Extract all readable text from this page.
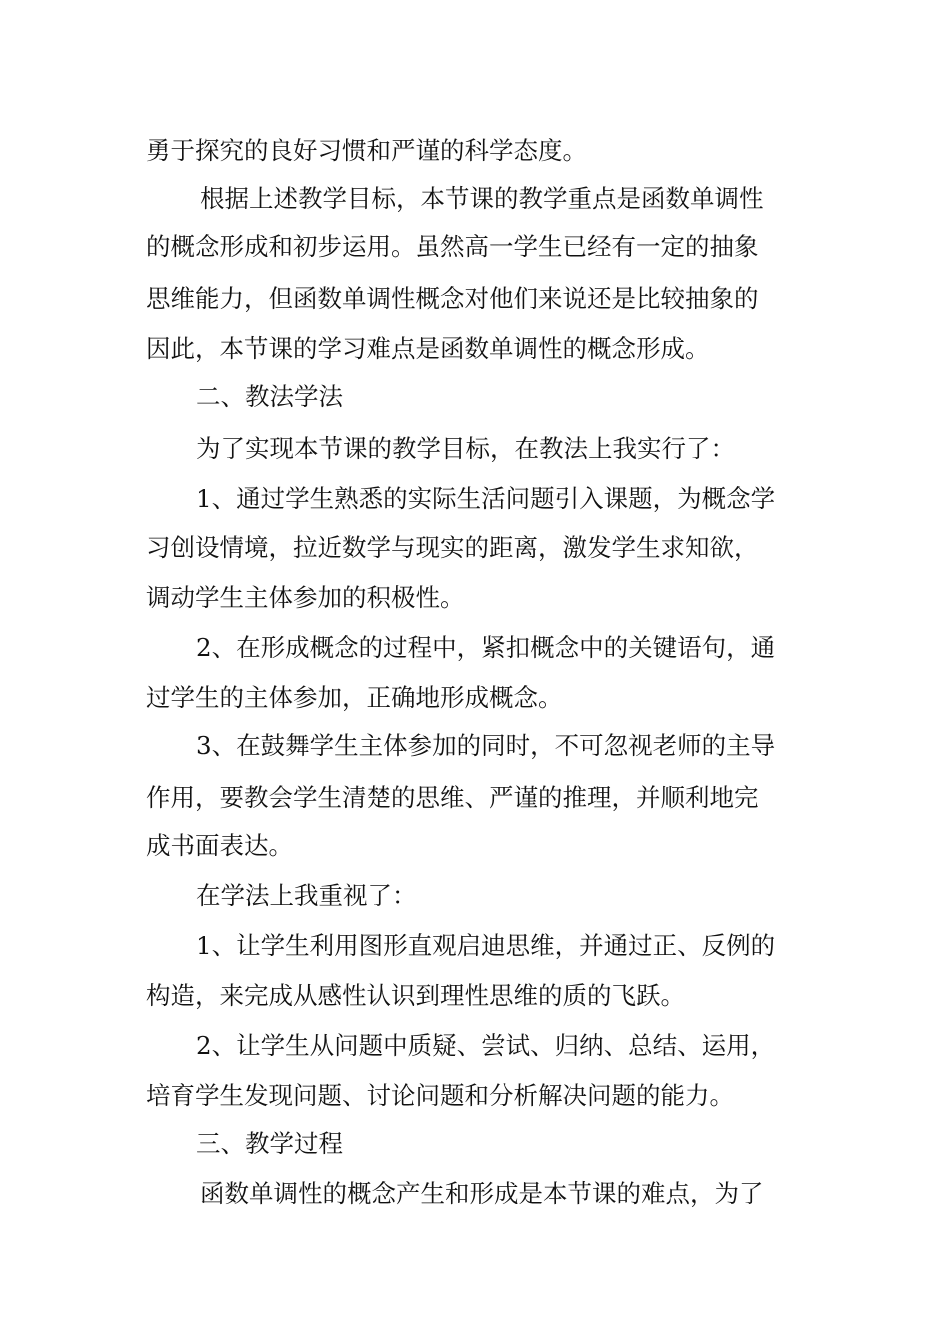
勇于探究的良好习惯和严谨的科学态度。
根据上述教学目标，本节课的教学重点是函数单调性
的概念形成和初步运用。虽然高一学生已经有一定的抽象
思维能力，但函数单调性概念对他们来说还是比较抽象的
因此，本节课的学习难点是函数单调性的概念形成。
二、教法学法
为了实现本节课的教学目标，在教法上我实行了：
1、通过学生熟悉的实际生活问题引入课题，为概念学
习创设情境，拉近数学与现实的距离，激发学生求知欲，
调动学生主体参加的积极性。
2、在形成概念的过程中，紧扣概念中的关键语句，通
过学生的主体参加，正确地形成概念。
3、在鼓舞学生主体参加的同时，不可忽视老师的主导
作用，要教会学生清楚的思维、严谨的推理，并顺利地完
成书面表达。
在学法上我重视了：
1、让学生利用图形直观启迪思维，并通过正、反例的
构造，来完成从感性认识到理性思维的质的飞跃。
2、让学生从问题中质疑、尝试、归纳、总结、运用，
培育学生发现问题、讨论问题和分析解决问题的能力。
三、教学过程
函数单调性的概念产生和形成是本节课的难点，为了
